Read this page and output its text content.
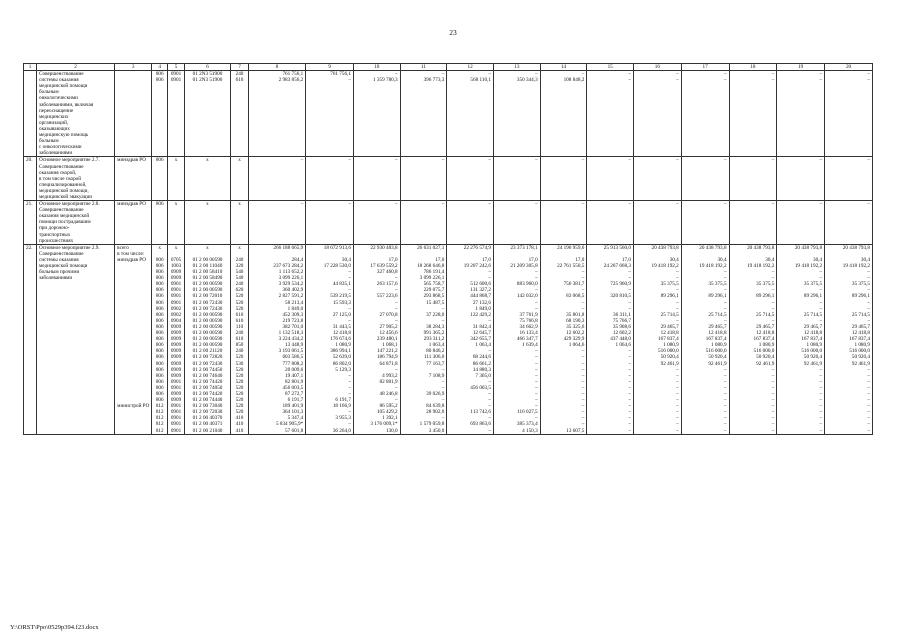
23
1	2	3	4	5	6	7	8	9	10	11	12	13	14	15	16	17	18	19	20
	Совершенствование		806	0901	01 2N3 51900	240	761 756,1	761 756,1	–	–	–	–	–	–	–	–	–	–	–
	системы оказания		806	0901	01 2N3 51900	610	2 983 856,2	–	1 359 780,3	396 773,3	568 110,1	350 344,3	108 848,2	–	–	–	–	–	–
	медицинской помощи																		
	больным																		
	онкологическими																		
	заболеваниями, включая																		
	переоснащение																		
	медицинских																		
	организаций,																		
	оказывающих																		
	медицинскую помощь																		
	больным																		
	с онкологическими																		
	заболеваниями																		
20.	Основное мероприятие 2.7.	минздрав РО	806	x	x	x	–	–	–	–	–	–	–	–	–	–	–	–	–
	Совершенствование																		
	оказания скорой,																		
	в том числе скорой																		
	специализированной,																		
	медицинской помощи,																		
	медицинской эвакуации																		
21.	Основное мероприятие 2.8.	минздрав РО	806	x	x	x	–	–	–	–	–	–	–	–	–	–	–	–	–
	Совершенствование																		
	оказания медицинской																		
	помощи пострадавшим																		
	при дорожно-																		
	транспортных																		
	происшествиях																		
22.	Основное мероприятие 2.9.	всего	x	x	x	x	266 188 665,9	18 672 913,6	22 930 483,8	26 631 027,1	22 276 574,9	23 373 178,1	24 196 959,6	25 913 560,0	20 438 793,8	20 438 793,8	20 438 793,8	20 438 793,8	20 438 793,8
	Совершенствование	в том числе:																	
	системы оказания	минздрав РО	806	0705	01 2 00 00590	240	284,4	30,4	17,0	17,0	17,0	17,0	17,0	17,0	30,4	30,4	30,4	30,4	30,4
	медицинской помощи		806	1003	01 2 00 11040	320	237 673 284,2	17 228 530,0	17 639 559,2	18 268 646,8	19 207 242,6	21 209 305,8	22 761 550,5	24 267 668,3	19 418 192,2	19 418 192,2	19 418 192,2	19 418 192,2	19 418 192,2
	больным прочими		806	0909	01 2 00 58410	540	1 113 652,2	–	327 460,8	786 191,4	–	–	–	–	–	–	–	–	–
	заболеваниями		806	0909	01 2 00 58490	540	3 099 226,1	–	–	3 099 226,1	–	–	–	–	–	–	–	–	–
			806	0901	01 2 00 00590	240	3 929 534,2	44 835,1	263 157,6	565 758,7	512 600,6	883 960,0	756 381,7	725 960,9	35 375,5	35 375,5	35 375,5	35 375,5	35 375,5
			806	0901	01 2 00 00590	620	360 402,9	–	–	229 075,7	131 327,2	–	–	–	–	–	–	–	–
			806	0901	01 2 00 72010	520	2 827 591,2	539 219,5	557 223,6	293 868,5	444 868,7	142 032,0	83 068,5	320 810,5	89 296,1	89 296,1	89 296,1	89 296,1	89 296,1
			806	0901	01 2 00 72430	520	58 213,4	15 593,3	–	15 487,5	27 132,6	–	–	–	–	–	–	–	–
			806	0902	01 2 00 72430	520	1 849,0	–	–	–	1 849,0	–	–	–	–	–	–	–	–
			806	0902	01 2 00 00590	610	452 309,3	27 125,0	27 070,8	37 228,0	122 429,2	37 761,9	35 801,8	36 311,1	25 714,5	25 714,5	25 714,5	25 714,5	25 714,5
			806	0904	01 2 00 00590	610	219 723,8	–	–	–	–	75 766,8	68 190,3	75 766,7	–	–	–	–	–
			806	0909	01 2 00 00590	110	382 701,0	31 443,5	27 905,2	38 284,3	31 842,4	34 662,9	35 325,6	35 908,6	29 465,7	29 465,7	29 465,7	29 465,7	29 465,7
			806	0909	01 2 00 00590	240	1 132 518,3	12 418,8	12 456,6	991 365,2	12 645,7	16 133,4	12 602,2	12 602,2	12 418,8	12 418,8	12 418,8	12 418,8	12 418,8
			806	0909	01 2 00 00590	610	3 224 434,2	176 674,6	239 480,1	293 311,2	342 655,7	466 347,7	429 329,9	437 448,0	167 837,4	167 837,4	167 837,4	167 837,4	167 837,4
			806	0909	01 2 00 00590	850	13 448,9	1 080,9	1 068,1	1 063,4	1 063,4	1 639,4	1 064,6	1 064,6	1 080,9	1 080,9	1 080,9	1 080,9	1 080,9
			806	0909	01 2 00 21120	240	3 193 061,5	386 994,1	147 221,2	80 846,2	–	–	–	–	516 000,0	516 000,0	516 000,0	516 000,0	516 000,0
			806	0909	01 2 00 72820	520	603 586,5	52 639,0	186 794,9	111 306,0	68 244,6	–	–	–	50 920,4	50 920,4	50 920,4	50 920,4	50 920,4
			806	0909	01 2 00 72430	530	777 808,2	86 802,0	64 871,8	77 163,7	86 661,2	–	–	–	92 461,9	92 461,9	92 461,9	92 461,9	92 461,9
			806	0909	01 2 00 74450	520	20 009,6	5 129,3	–	–	14 880,3	–	–	–	–	–	–	–	–
			806	0909	01 2 00 74640	520	19 407,1	–	4 993,2	7 108,9	7 305,0	–	–	–	–	–	–	–	–
			806	0901	01 2 00 74420	520	82 801,9	–	82 801,9	–	–	–	–	–	–	–	–	–	–
			806	0901	01 2 00 74050	520	456 003,5	–	–	–	456 003,5	–	–	–	–	–	–	–	–
			806	0909	01 2 00 74420	520	87 272,7	–	48 246,8	39 026,9	–	–	–	–	–	–	–	–	–
			806	0909	01 2 00 74440	520	6 191,7	6 191,7	–	–	–	–	–	–	–	–	–	–	–
		министрой РО	812	0901	01 2 00 73040	520	189 401,9	18 166,9	86 595,2	84 639,8	–	–	–	–	–	–	–	–	–
			812	0901	01 2 00 72030	520	364 101,3	–	105 429,2	28 902,0	113 742,6	116 027,5	–	–	–	–	–	–	–
			812	0901	01 2 00 40370	410	5 347,4	3 955,3	1 392,1	–	–	–	–	–	–	–	–	–	–
			812	0901	01 2 00 40371	410	5 834 905,9*	–	3 176 009,1*	1 579 059,8	693 863,6	385 373,4	–	–	–	–	–	–	–
			812	0901	01 2 00 21040	410	57 601,8	36 264,0	130,0	3 450,0	–	4 150,3	13 607,5	–	–	–	–	–	–
Y:\ORST\Ppo\0529p394.f23.docx
